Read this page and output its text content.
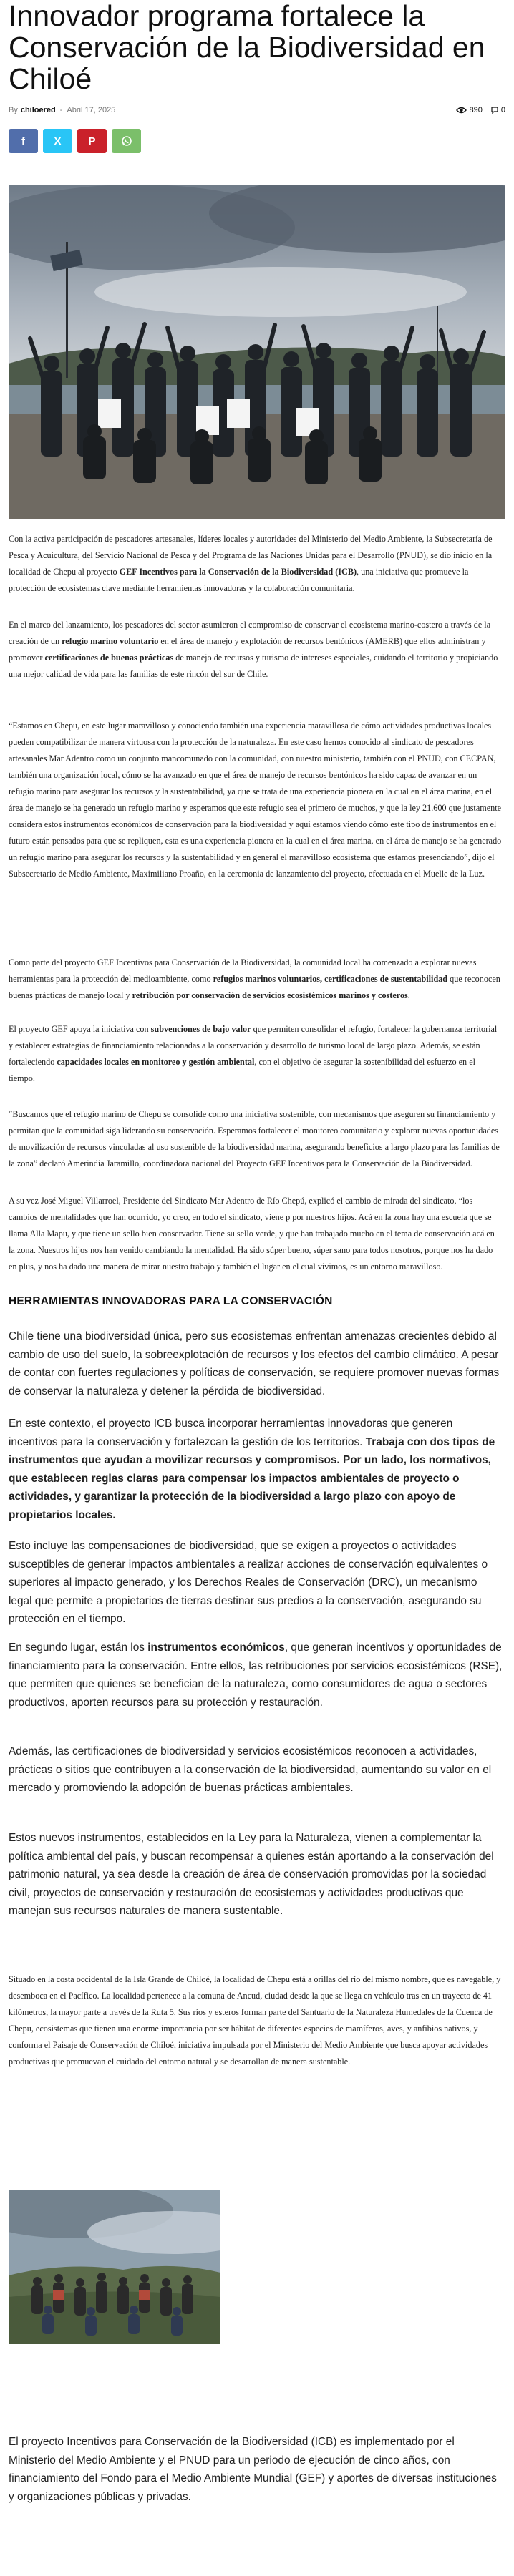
Innovador programa fortalece la Conservación de la Biodiversidad en Chiloé
By chiloered - Abril 17, 2025	890 0
f	X	P
Con la activa participación de pescadores artesanales, líderes locales y autoridades del Ministerio del Medio Ambiente, la Subsecretaría de Pesca y Acuicultura, del Servicio Nacional de Pesca y del Programa de las Naciones Unidas para el Desarrollo (PNUD), se dio inicio en la localidad de Chepu al proyecto GEF Incentivos para la Conservación de la Biodiversidad (ICB), una iniciativa que promueve la protección de ecosistemas clave mediante herramientas innovadoras y la colaboración comunitaria.
En el marco del lanzamiento, los pescadores del sector asumieron el compromiso de conservar el ecosistema marino-costero a través de la creación de un refugio marino voluntario en el área de manejo y explotación de recursos bentónicos (AMERB) que ellos administran y promover certificaciones de buenas prácticas de manejo de recursos y turismo de intereses especiales, cuidando el territorio y propiciando una mejor calidad de vida para las familias de este rincón del sur de Chile.
“Estamos en Chepu, en este lugar maravilloso y conociendo también una experiencia maravillosa de cómo actividades productivas locales pueden compatibilizar de manera virtuosa con la protección de la naturaleza. En este caso hemos conocido al sindicato de pescadores artesanales Mar Adentro como un conjunto mancomunado con la comunidad, con nuestro ministerio, también con el PNUD, con CECPAN, también una organización local, cómo se ha avanzado en que el área de manejo de recursos bentónicos ha sido capaz de avanzar en un refugio marino para asegurar los recursos y la sustentabilidad, ya que se trata de una experiencia pionera en la cual en el área marina, en el área de manejo se ha generado un refugio marino y esperamos que este refugio sea el primero de muchos, y que la ley 21.600 que justamente considera estos instrumentos económicos de conservación para la biodiversidad y aquí estamos viendo cómo este tipo de instrumentos en el futuro están pensados para que se repliquen, esta es una experiencia pionera en la cual en el área marina, en el área de manejo se ha generado un refugio marino para asegurar los recursos y la sustentabilidad y en general el maravilloso ecosistema que estamos presenciando”, dijo el Subsecretario de Medio Ambiente, Maximiliano Proaño, en la ceremonia de lanzamiento del proyecto, efectuada en el Muelle de la Luz.
Como parte del proyecto GEF Incentivos para Conservación de la Biodiversidad, la comunidad local ha comenzado a explorar nuevas herramientas para la protección del medioambiente, como refugios marinos voluntarios, certificaciones de sustentabilidad que reconocen buenas prácticas de manejo local y retribución por conservación de servicios ecosistémicos marinos y costeros.
El proyecto GEF apoya la iniciativa con subvenciones de bajo valor que permiten consolidar el refugio, fortalecer la gobernanza territorial y establecer estrategias de financiamiento relacionadas a la conservación y desarrollo de turismo local de largo plazo. Además, se están fortaleciendo capacidades locales en monitoreo y gestión ambiental, con el objetivo de asegurar la sostenibilidad del esfuerzo en el tiempo.
“Buscamos que el refugio marino de Chepu se consolide como una iniciativa sostenible, con mecanismos que aseguren su financiamiento y permitan que la comunidad siga liderando su conservación. Esperamos fortalecer el monitoreo comunitario y explorar nuevas oportunidades de movilización de recursos vinculadas al uso sostenible de la biodiversidad marina, asegurando beneficios a largo plazo para las familias de la zona” declaró Amerindia Jaramillo, coordinadora nacional del Proyecto GEF Incentivos para la Conservación de la Biodiversidad.
A su vez José Miguel Villarroel, Presidente del Sindicato Mar Adentro de Río Chepú, explicó el cambio de mirada del sindicato, “los cambios de mentalidades que han ocurrido, yo creo, en todo el sindicato, viene p por nuestros hijos. Acá en la zona hay una escuela que se llama Alla Mapu, y que tiene un sello bien conservador. Tiene su sello verde, y que han trabajado mucho en el tema de conservación acá en la zona. Nuestros hijos nos han venido cambiando la mentalidad. Ha sido súper bueno, súper sano para todos nosotros, porque nos ha dado en plus, y nos ha dado una manera de mirar nuestro trabajo y también el lugar en el cual vivimos, es un entorno maravilloso.
HERRAMIENTAS INNOVADORAS PARA LA CONSERVACIÓN
Chile tiene una biodiversidad única, pero sus ecosistemas enfrentan amenazas crecientes debido al cambio de uso del suelo, la sobreexplotación de recursos y los efectos del cambio climático. A pesar de contar con fuertes regulaciones y políticas de conservación, se requiere promover nuevas formas de conservar la naturaleza y detener la pérdida de biodiversidad.
En este contexto, el proyecto ICB busca incorporar herramientas innovadoras que generen incentivos para la conservación y fortalezcan la gestión de los territorios. Trabaja con dos tipos de instrumentos que ayudan a movilizar recursos y compromisos. Por un lado, los normativos, que establecen reglas claras para compensar los impactos ambientales de proyecto o actividades, y garantizar la protección de la biodiversidad a largo plazo con apoyo de propietarios locales.
Esto incluye las compensaciones de biodiversidad, que se exigen a proyectos o actividades susceptibles de generar impactos ambientales a realizar acciones de conservación equivalentes o superiores al impacto generado, y los Derechos Reales de Conservación (DRC), un mecanismo legal que permite a propietarios de tierras destinar sus predios a la conservación, asegurando su protección en el tiempo.
En segundo lugar, están los instrumentos económicos, que generan incentivos y oportunidades de financiamiento para la conservación. Entre ellos, las retribuciones por servicios ecosistémicos (RSE), que permiten que quienes se benefician de la naturaleza, como consumidores de agua o sectores productivos, aporten recursos para su protección y restauración.
Además, las certificaciones de biodiversidad y servicios ecosistémicos reconocen a actividades, prácticas o sitios que contribuyen a la conservación de la biodiversidad, aumentando su valor en el mercado y promoviendo la adopción de buenas prácticas ambientales.
Estos nuevos instrumentos, establecidos en la Ley para la Naturaleza, vienen a complementar la política ambiental del país, y buscan recompensar a quienes están aportando a la conservación del patrimonio natural, ya sea desde la creación de área de conservación promovidas por la sociedad civil, proyectos de conservación y restauración de ecosistemas y actividades productivas que manejan sus recursos naturales de manera sustentable.
Situado en la costa occidental de la Isla Grande de Chiloé, la localidad de Chepu está a orillas del río del mismo nombre, que es navegable, y desemboca en el Pacífico. La localidad pertenece a la comuna de Ancud, ciudad desde la que se llega en vehículo tras en un trayecto de 41 kilómetros, la mayor parte a través de la Ruta 5. Sus ríos y esteros forman parte del Santuario de la Naturaleza Humedales de la Cuenca de Chepu, ecosistemas que tienen una enorme importancia por ser hábitat de diferentes especies de mamíferos, aves, y anfibios nativos, y conforma el Paisaje de Conservación de Chiloé, iniciativa impulsada por el Ministerio del Medio Ambiente que busca apoyar actividades productivas que promuevan el cuidado del entorno natural y se desarrollan de manera sustentable.
El proyecto Incentivos para Conservación de la Biodiversidad (ICB) es implementado por el Ministerio del Medio Ambiente y el PNUD para un periodo de ejecución de cinco años, con financiamiento del Fondo para el Medio Ambiente Mundial (GEF) y aportes de diversas instituciones y organizaciones públicas y privadas.
